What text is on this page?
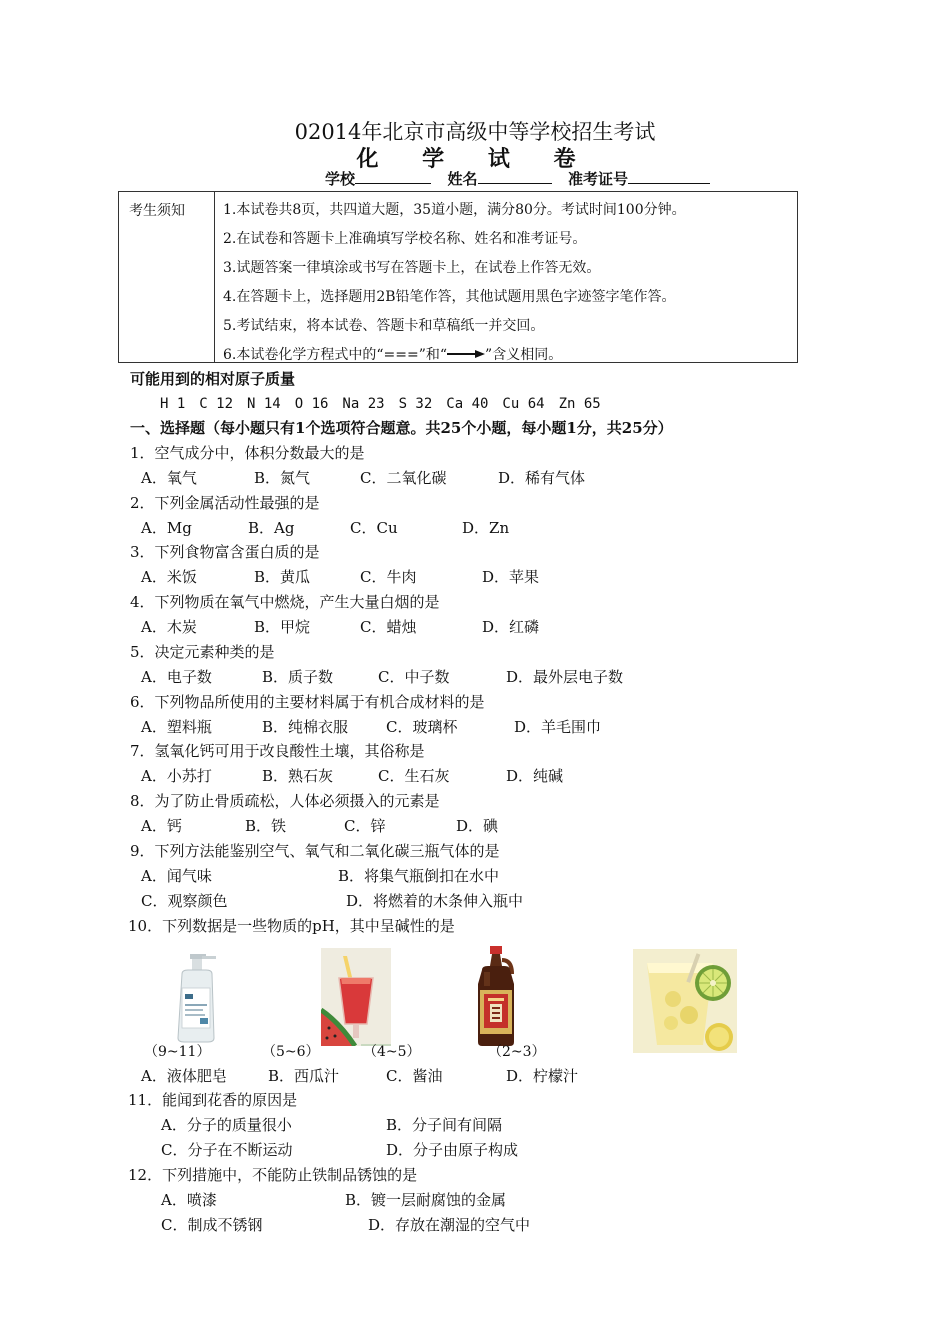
02014年北京市高级中等学校招生考试
化 学 试 卷
学校	姓名	准考证号
考生须知	1.本试卷共8页，共四道大题，35道小题，满分80分。考试时间100分钟。
2.在试卷和答题卡上准确填写学校名称、姓名和准考证号。
3.试题答案一律填涂或书写在答题卡上，在试卷上作答无效。
4.在答题卡上，选择题用2B铅笔作答，其他试题用黑色字迹签字笔作答。
5.考试结束，将本试卷、答题卡和草稿纸一并交回。
6.本试卷化学方程式中的“===”和“	”含义相同。
可能用到的相对原子质量
H 1　C 12　N 14　O 16　Na 23　S 32　Ca 40　Cu 64　Zn 65
一、选择题（每小题只有1个选项符合题意。共25个小题，每小题1分，共25分）
1．空气成分中，体积分数最大的是
A．氧气	B．氮气	C．二氧化碳	D．稀有气体
2．下列金属活动性最强的是
A．Mg	B．Ag	C．Cu	D．Zn
3．下列食物富含蛋白质的是
A．米饭	B．黄瓜	C．牛肉	D．苹果
4．下列物质在氧气中燃烧，产生大量白烟的是
A．木炭	B．甲烷	C．蜡烛	D．红磷
5．决定元素种类的是
A．电子数	B．质子数	C．中子数	D．最外层电子数
6．下列物品所使用的主要材料属于有机合成材料的是
A．塑料瓶	B．纯棉衣服	C．玻璃杯	D．羊毛围巾
7．氢氧化钙可用于改良酸性土壤，其俗称是
A．小苏打	B．熟石灰	C．生石灰	D．纯碱
8．为了防止骨质疏松，人体必须摄入的元素是
A．钙	B．铁	C．锌	D．碘
9．下列方法能鉴别空气、氧气和二氧化碳三瓶气体的是
A．闻气味	B．将集气瓶倒扣在水中
C．观察颜色	D．将燃着的木条伸入瓶中
10．下列数据是一些物质的pH，其中呈碱性的是
（9~11）	（5~6）	（4~5）	（2~3）
A．液体肥皂	B．西瓜汁	C．酱油	D．柠檬汁
11．能闻到花香的原因是
A．分子的质量很小	B．分子间有间隔
C．分子在不断运动	D．分子由原子构成
12．下列措施中，不能防止铁制品锈蚀的是
A．喷漆	B．镀一层耐腐蚀的金属
C．制成不锈钢	D．存放在潮湿的空气中
